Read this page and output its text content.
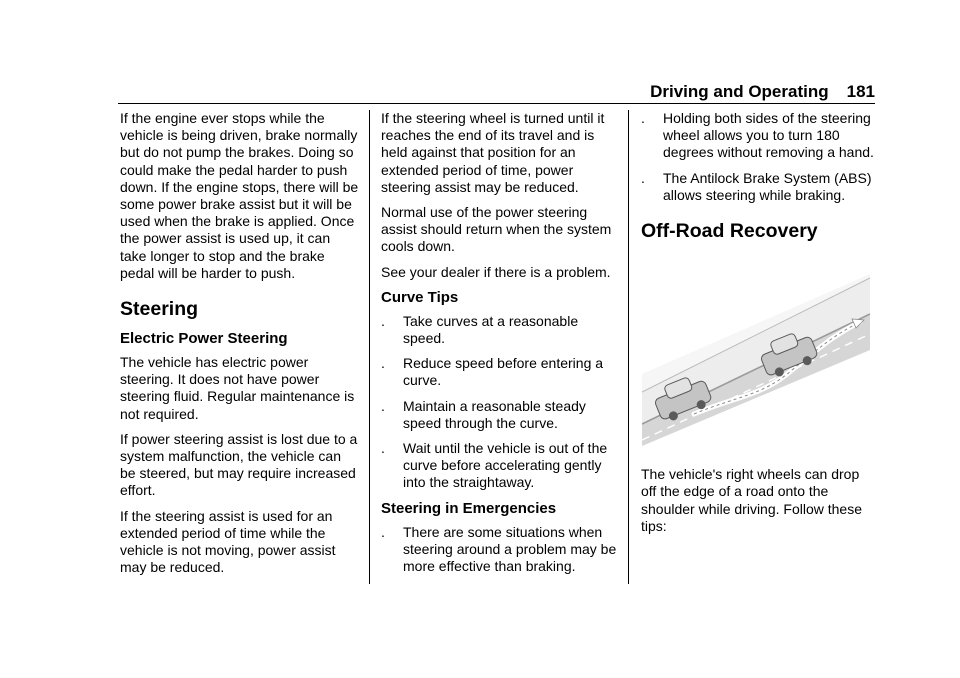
Driving and Operating 181

If the engine ever stops while the vehicle is being driven, brake normally but do not pump the brakes. Doing so could make the pedal harder to push down. If the engine stops, there will be some power brake assist but it will be used when the brake is applied. Once the power assist is used up, it can take longer to stop and the brake pedal will be harder to push.

Steering
Electric Power Steering

The vehicle has electric power steering. It does not have power steering fluid. Regular maintenance is not required.

If power steering assist is lost due to a system malfunction, the vehicle can be steered, but may require increased effort.

If the steering assist is used for an extended period of time while the vehicle is not moving, power assist may be reduced.

If the steering wheel is turned until it reaches the end of its travel and is held against that position for an extended period of time, power steering assist may be reduced.

Normal use of the power steering assist should return when the system cools down.

See your dealer if there is a problem.

Curve Tips
.	Take curves at a reasonable speed.
.	Reduce speed before entering a curve.
.	Maintain a reasonable steady speed through the curve.
.	Wait until the vehicle is out of the curve before accelerating gently into the straightaway.
Steering in Emergencies
.	There are some situations when steering around a problem may be more effective than braking.
.	Holding both sides of the steering wheel allows you to turn 180 degrees without removing a hand.
.	The Antilock Brake System (ABS) allows steering while braking.
Off-Road Recovery

The vehicle's right wheels can drop off the edge of a road onto the shoulder while driving. Follow these tips:
